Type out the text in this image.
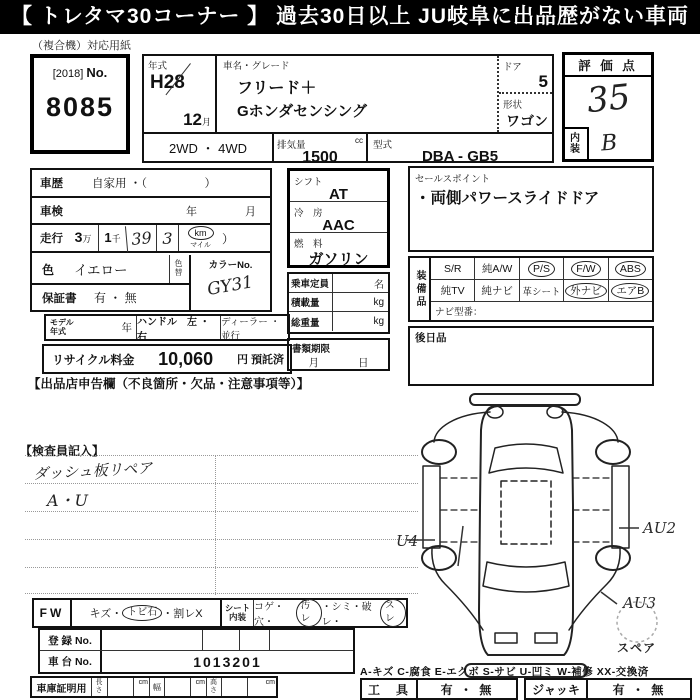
【 トレタマ30コーナー 】 過去30日以上 JU岐阜に出品歴がない車両
（複合機）対応用紙
[2018] No.
8085
年式
H28
12月
車名・グレード
フリード＋
Gホンダセンシング
ドア
5
形状
ワゴン
2WD ・ 4WD	排気量	cc
1500
型式
DBA - GB5
評 価 点
35
内装 B
車歴	自家用 ・（　　　　　）
車検	年	月
走行 3万 1千 39 3	km
マイル
）
色	イエロー	色替
保証書	有 ・ 無
カラーNo.
GY31
シフト
AT
冷　房
AAC
燃　料
ガソリン
乗車定員	名
積載量	kg
総重量	kg
書類期限
月	日
セールスポイント
・両側パワースライドドア
装備品
S/R 純A/W	P/S	F/W	ABS
純TV 純ナビ 革シート 外ナビ	エアB
ナビ型番：
後日品
モデル年式	年 ハンドル　左 ・ 右
ディーラー ・ 並行
リサイクル料金	10,060	円 預託済
【出品店申告欄（不良箇所・欠品・注意事項等）】
【検査員記入】
ダッシュ板リペア
A・U
U4
AU2
AU3
スペア
FW	キズ・ トビ石 ・割レX
シート内装
コゲ・穴・
汚レ
・シミ・破レ・
スレ
登 録 No.
車 台 No.	1013201
車庫証明用
長さ
cm 幅	cm 高さ
cm
A-キズ C-腐食 E-エクボ S-サビ U-凹ミ W-補修 XX-交換済
工　具	有 ・ 無	ジャッキ	有 ・ 無
